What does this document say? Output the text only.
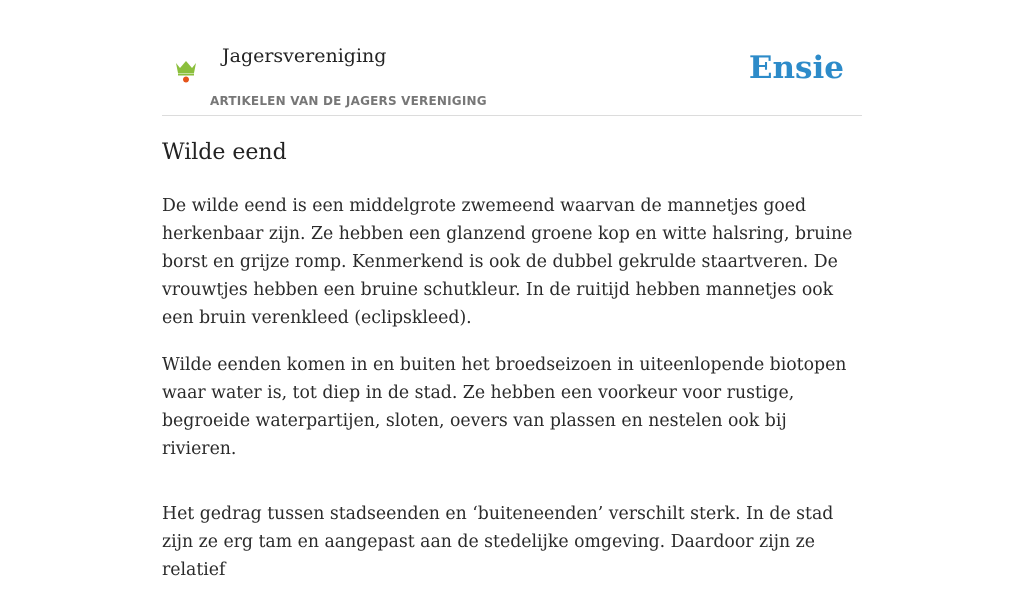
Jagersvereniging
ARTIKELEN VAN DE JAGERS VERENIGING
Ensie
Wilde eend

De wilde eend is een middelgrote zwemeend waarvan de mannetjes goed herkenbaar zijn. Ze hebben een glanzend groene kop en witte halsring, bruine borst en grijze romp. Kenmerkend is ook de dubbel gekrulde staartveren. De vrouwtjes hebben een bruine schutkleur. In de ruitijd hebben mannetjes ook een bruin verenkleed (eclipskleed).

Wilde eenden komen in en buiten het broedseizoen in uiteenlopende biotopen waar water is, tot diep in de stad. Ze hebben een voorkeur voor rustige, begroeide waterpartijen, sloten, oevers van plassen en nestelen ook bij rivieren.

Het gedrag tussen stadseenden en ‘buiteneenden’ verschilt sterk. In de stad zijn ze erg tam en aangepast aan de stedelijke omgeving. Daardoor zijn ze relatief
